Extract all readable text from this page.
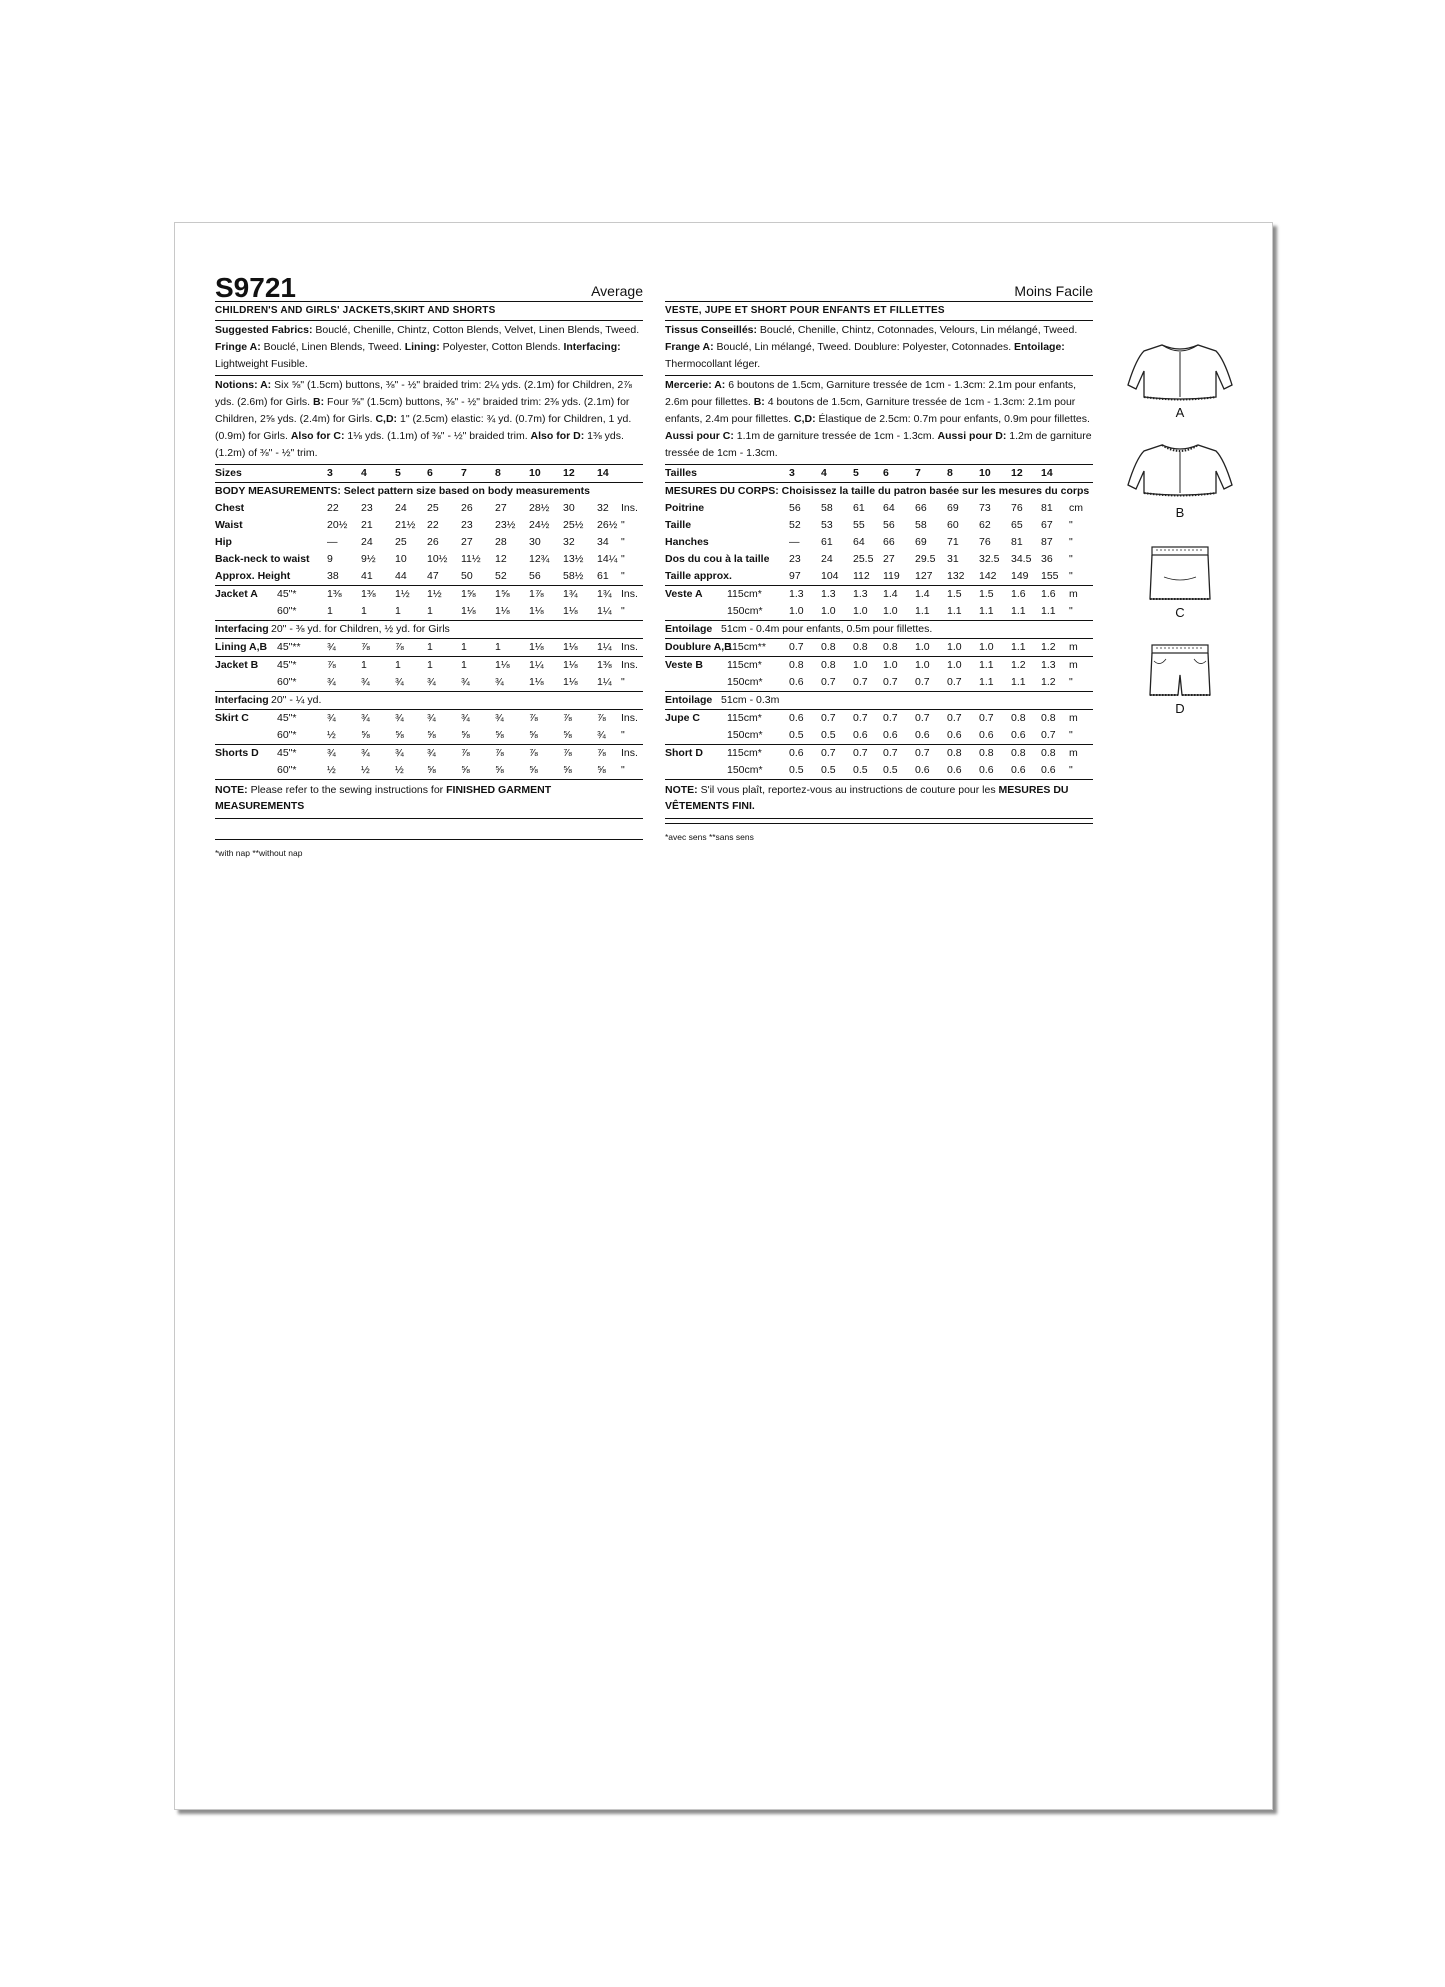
S9721	Average
CHILDREN'S AND GIRLS' JACKETS,SKIRT AND SHORTS
Suggested Fabrics: Bouclé, Chenille, Chintz, Cotton Blends, Velvet, Linen Blends, Tweed. Fringe A: Bouclé, Linen Blends, Tweed. Lining: Polyester, Cotton Blends. Interfacing: Lightweight Fusible.
Notions: A: Six ⅝" (1.5cm) buttons, ⅜" - ½" braided trim: 2¼ yds. (2.1m) for Children, 2⅞ yds. (2.6m) for Girls. B: Four ⅝" (1.5cm) buttons, ⅜" - ½" braided trim: 2⅜ yds. (2.1m) for Children, 2⅝ yds. (2.4m) for Girls. C,D: 1" (2.5cm) elastic: ¾ yd. (0.7m) for Children, 1 yd. (0.9m) for Girls. Also for C: 1⅛ yds. (1.1m) of ⅜" - ½" braided trim. Also for D: 1⅜ yds. (1.2m) of ⅜" - ½" trim.
Sizes	3	4	5 6	7	8	10 12 14
BODY MEASUREMENTS: Select pattern size based on body measurements
Chest	22 23 24 25 26 27 28½ 30 32 Ins.
Waist	20½ 21 21½ 22 23 23½ 24½ 25½ 26½ "
Hip	— 24 25 26 27 28 30 32 34 "
Back-neck to waist 9	9½ 10 10½ 11½ 12 12¾ 13½ 14¼ "
Approx. Height	38 41 44 47 50 52 56 58½ 61 "
Jacket A 45"*	1⅜ 1⅜ 1½ 1½ 1⅝ 1⅝ 1⅞ 1¾ 1¾ Ins.
60"*	1	1	1 1	1⅛ 1⅛ 1⅛ 1⅛ 1¼ "
Interfacing 20" - ⅜ yd. for Children, ½ yd. for Girls
Lining A,B 45"**	¾ ⅞ ⅞ 1	1	1	1⅛ 1⅛ 1¼ Ins.
Jacket B 45"*	⅞ 1	1 1	1	1⅛ 1¼ 1⅛ 1⅜ Ins.
60"*	¾ ¾ ¾ ¾ ¾ ¾ 1⅛ 1⅛ 1¼ "
Interfacing 20" - ¼ yd.
Skirt C	45"*	¾ ¾ ¾ ¾ ¾ ¾ ⅞ ⅞ ⅞ Ins.
60"*	½ ⅝ ⅝ ⅝ ⅝ ⅝ ⅝ ⅝ ¾ "
Shorts D 45"*	¾ ¾ ¾ ¾ ⅞ ⅞ ⅞ ⅞ ⅞ Ins.
60"*	½ ½ ½ ⅝ ⅝ ⅝ ⅝ ⅝ ⅝ "
NOTE: Please refer to the sewing instructions for FINISHED GARMENT MEASUREMENTS
*with nap **without nap
Moins Facile
VESTE, JUPE ET SHORT POUR ENFANTS ET FILLETTES
Tissus Conseillés: Bouclé, Chenille, Chintz, Cotonnades, Velours, Lin mélangé, Tweed. Frange A: Bouclé, Lin mélangé, Tweed. Doublure: Polyester, Cotonnades. Entoilage: Thermocollant léger.
Mercerie: A: 6 boutons de 1.5cm, Garniture tressée de 1cm - 1.3cm: 2.1m pour enfants, 2.6m pour fillettes. B: 4 boutons de 1.5cm, Garniture tressée de 1cm - 1.3cm: 2.1m pour enfants, 2.4m pour fillettes. C,D: Élastique de 2.5cm: 0.7m pour enfants, 0.9m pour fillettes. Aussi pour C: 1.1m de garniture tressée de 1cm - 1.3cm. Aussi pour D: 1.2m de garniture tressée de 1cm - 1.3cm.
Tailles	3 4 5 6 7 8 10 12 14
MESURES DU CORPS: Choisissez la taille du patron basée sur les mesures du corps
Poitrine	56 58 61 64 66 69 73 76 81 cm
Taille	52 53 55 56 58 60 62 65 67 "
Hanches	— 61 64 66 69 71 76 81 87 "
Dos du cou à la taille 23 24 25.5 27 29.5 31 32.5 34.5 36 "
Taille approx.	97 104 112 119 127 132 142 149 155 "
Veste A 115cm*	1.3 1.3 1.3 1.4 1.4 1.5 1.5 1.6 1.6 m
150cm*	1.0 1.0 1.0 1.0 1.1 1.1 1.1 1.1 1.1 "
Entoilage 51cm - 0.4m pour enfants, 0.5m pour fillettes.
Doublure A,B
115cm** 0.7 0.8 0.8 0.8 1.0 1.0 1.0 1.1 1.2 m
Veste B 115cm*	0.8 0.8 1.0 1.0 1.0 1.0 1.1 1.2 1.3 m
150cm*	0.6 0.7 0.7 0.7 0.7 0.7 1.1 1.1 1.2 "
Entoilage 51cm - 0.3m
Jupe C	115cm*	0.6 0.7 0.7 0.7 0.7 0.7 0.7 0.8 0.8 m
150cm*	0.5 0.5 0.6 0.6 0.6 0.6 0.6 0.6 0.7 "
Short D 115cm*	0.6 0.7 0.7 0.7 0.7 0.8 0.8 0.8 0.8 m
150cm*	0.5 0.5 0.5 0.5 0.6 0.6 0.6 0.6 0.6 "
NOTE: S'il vous plaît, reportez-vous au instructions de couture pour les MESURES DU VÊTEMENTS FINI.
*avec sens **sans sens
A
B
C
D
